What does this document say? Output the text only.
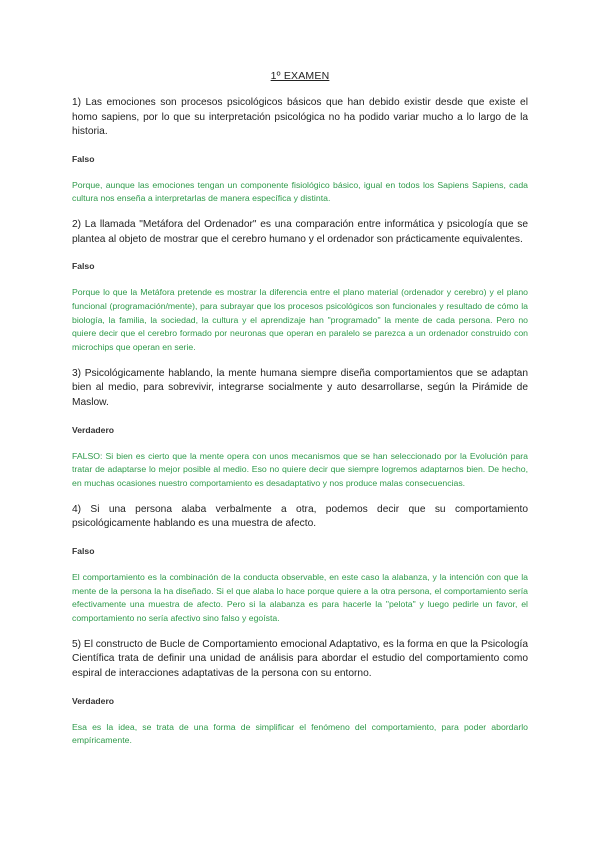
1º EXAMEN

1) Las emociones son procesos psicológicos básicos que han debido existir desde que existe el homo sapiens, por lo que su interpretación psicológica no ha podido variar mucho a lo largo de la historia.

Falso

Porque, aunque las emociones tengan un componente fisiológico básico, igual en todos los Sapiens Sapiens, cada cultura nos enseña a interpretarlas de manera específica y distinta.

2) La llamada "Metáfora del Ordenador" es una comparación entre informática y psicología que se plantea al objeto de mostrar que el cerebro humano y el ordenador son prácticamente equivalentes.

Falso

Porque lo que la Metáfora pretende es mostrar la diferencia entre el plano material (ordenador y cerebro) y el plano funcional (programación/mente), para subrayar que los procesos psicológicos son funcionales y resultado de cómo la biología, la familia, la sociedad, la cultura y el aprendizaje han "programado" la mente de cada persona. Pero no quiere decir que el cerebro formado por neuronas que operan en paralelo se parezca a un ordenador construido con microchips que operan en serie.

3) Psicológicamente hablando, la mente humana siempre diseña comportamientos que se adaptan bien al medio, para sobrevivir, integrarse socialmente y auto desarrollarse, según la Pirámide de Maslow.

Verdadero

FALSO: Si bien es cierto que la mente opera con unos mecanismos que se han seleccionado por la Evolución para tratar de adaptarse lo mejor posible al medio. Eso no quiere decir que siempre logremos adaptarnos bien. De hecho, en muchas ocasiones nuestro comportamiento es desadaptativo y nos produce malas consecuencias.

4) Si una persona alaba verbalmente a otra, podemos decir que su comportamiento psicológicamente hablando es una muestra de afecto.

Falso

El comportamiento es la combinación de la conducta observable, en este caso la alabanza, y la intención con que la mente de la persona la ha diseñado. Si el que alaba lo hace porque quiere a la otra persona, el comportamiento sería efectivamente una muestra de afecto. Pero si la alabanza es para hacerle la "pelota" y luego pedirle un favor, el comportamiento no sería afectivo sino falso y egoísta.

5) El constructo de Bucle de Comportamiento emocional Adaptativo, es la forma en que la Psicología Científica trata de definir una unidad de análisis para abordar el estudio del comportamiento como espiral de interacciones adaptativas de la persona con su entorno.

Verdadero

Esa es la idea, se trata de una forma de simplificar el fenómeno del comportamiento, para poder abordarlo empíricamente.
